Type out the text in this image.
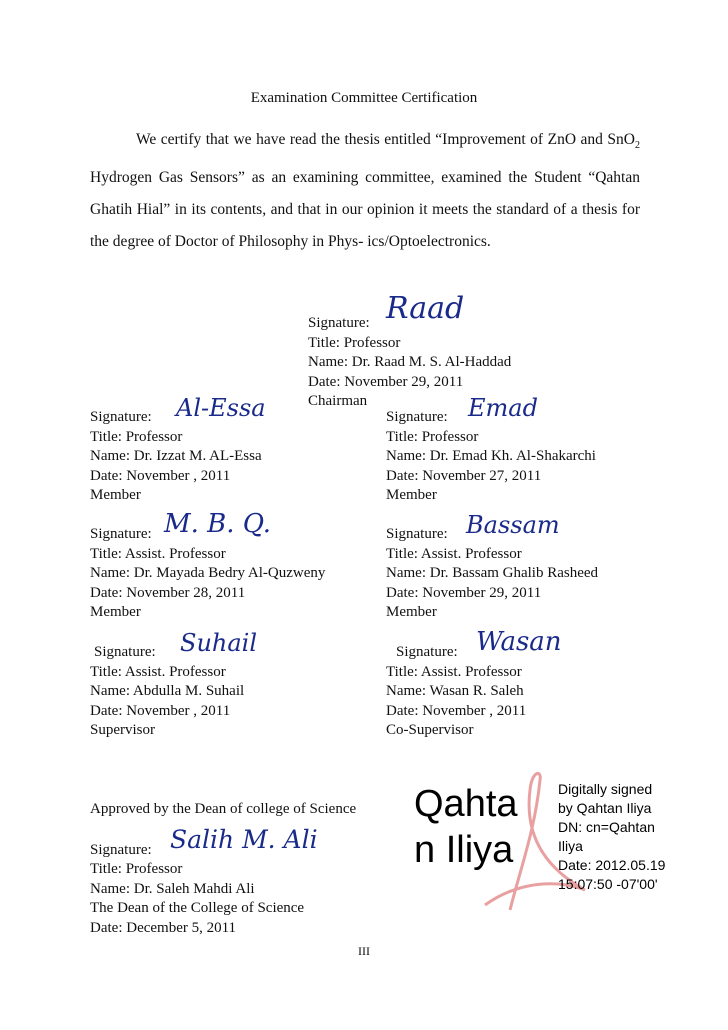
Examination Committee Certification
We certify that we have read the thesis entitled “Improvement of ZnO and SnO$_2$ Hydrogen Gas Sensors” as an examining committee, examined the Student “Qahtan Ghatih Hial” in its contents, and that in our opinion it meets the standard of a thesis for the degree of Doctor of Philosophy in Phys- ics/Optoelectronics.
Signature: Raad
Title: Professor
Name: Dr. Raad M. S. Al-Haddad
Date: November 29, 2011
Chairman
Signature: Al-Essa
Title: Professor
Name: Dr. Izzat M. AL-Essa
Date: November , 2011
Member
Signature: Emad
Title: Professor
Name: Dr. Emad Kh. Al-Shakarchi
Date: November 27, 2011
Member
Signature: M. B. Q.
Title: Assist. Professor
Name: Dr. Mayada Bedry Al-Quzweny
Date: November 28, 2011
Member
Signature: Bassam
Title: Assist. Professor
Name: Dr. Bassam Ghalib Rasheed
Date: November 29, 2011
Member
Signature: Suhail
Title: Assist. Professor
Name: Abdulla M. Suhail
Date: November , 2011
Supervisor
Signature: Wasan
Title: Assist. Professor
Name: Wasan R. Saleh
Date: November , 2011
Co-Supervisor
Approved by the Dean of college of Science
Signature: Salih M. Ali
Title: Professor
Name: Dr. Saleh Mahdi Ali
The Dean of the College of Science
Date: December 5, 2011
Qahta
n Iliya
Digitally signed
by Qahtan Iliya
DN: cn=Qahtan
Iliya
Date: 2012.05.19
15:07:50 -07'00'
III
